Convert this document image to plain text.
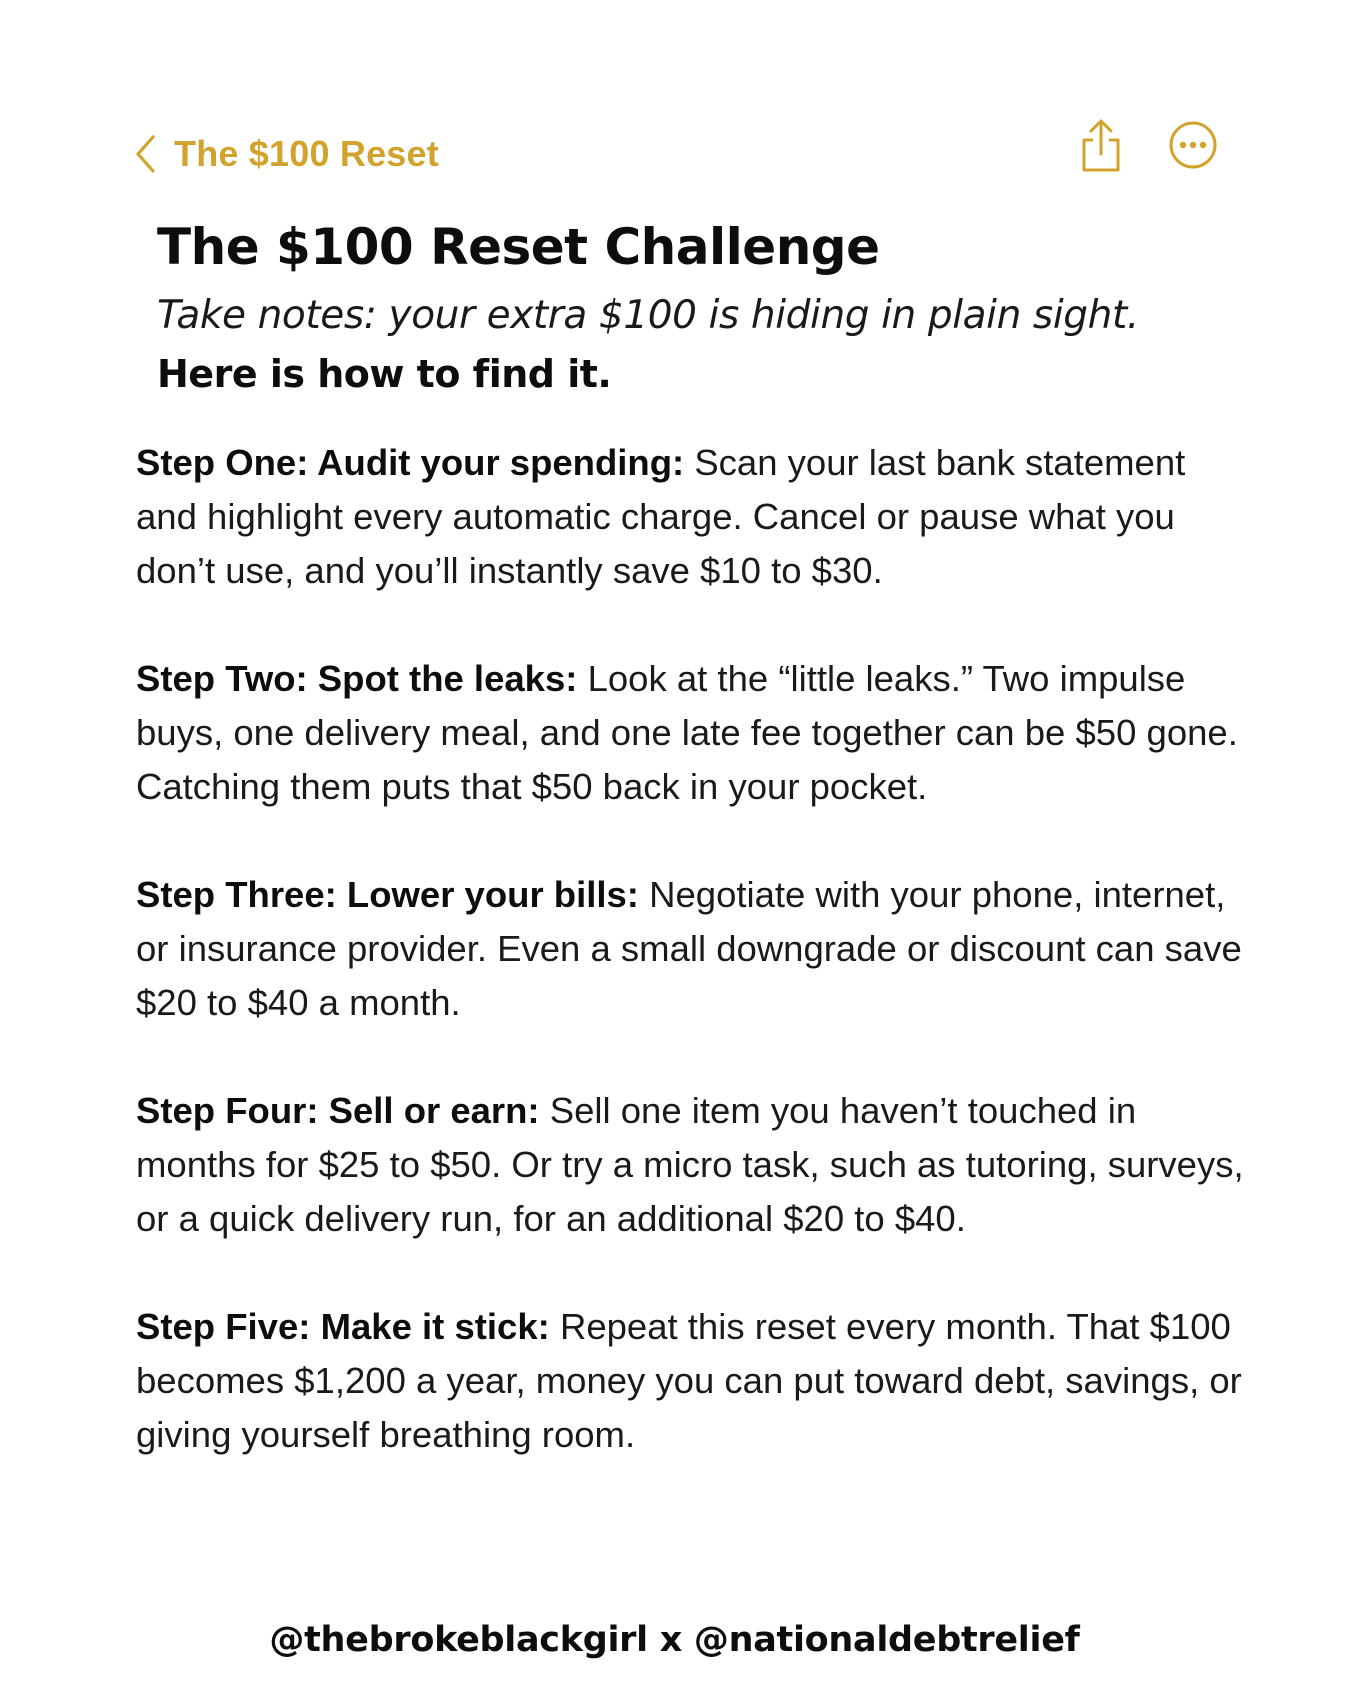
The $100 Reset
The $100 Reset Challenge

Take notes: your extra $100 is hiding in plain sight.

Here is how to find it.

Step One: Audit your spending: Scan your last bank statement and highlight every automatic charge. Cancel or pause what you don’t use, and you’ll instantly save $10 to $30.

Step Two: Spot the leaks: Look at the “little leaks.” Two impulse buys, one delivery meal, and one late fee together can be $50 gone. Catching them puts that $50 back in your pocket.

Step Three: Lower your bills: Negotiate with your phone, internet, or insurance provider. Even a small downgrade or discount can save $20 to $40 a month.

Step Four: Sell or earn: Sell one item you haven’t touched in months for $25 to $50. Or try a micro task, such as tutoring, surveys, or a quick delivery run, for an additional $20 to $40.

Step Five: Make it stick: Repeat this reset every month. That $100 becomes $1,200 a year, money you can put toward debt, savings, or giving yourself breathing room.

@thebrokeblackgirl x @nationaldebtrelief
